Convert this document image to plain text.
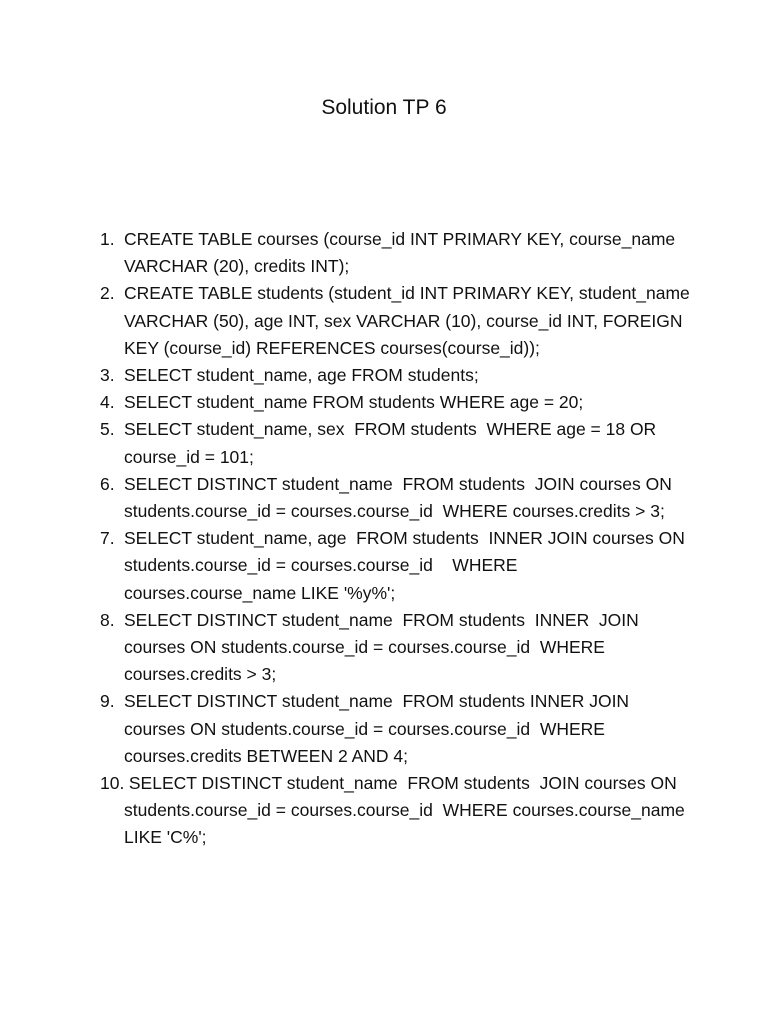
Solution TP 6
1. CREATE TABLE courses (course_id INT PRIMARY KEY, course_name VARCHAR (20), credits INT);
2. CREATE TABLE students (student_id INT PRIMARY KEY, student_name VARCHAR (50), age INT, sex VARCHAR (10), course_id INT, FOREIGN KEY (course_id) REFERENCES courses(course_id));
3. SELECT student_name, age FROM students;
4. SELECT student_name FROM students WHERE age = 20;
5. SELECT student_name, sex  FROM students  WHERE age = 18 OR course_id = 101;
6. SELECT DISTINCT student_name  FROM students  JOIN courses ON students.course_id = courses.course_id  WHERE courses.credits > 3;
7. SELECT student_name, age  FROM students  INNER JOIN courses ON students.course_id = courses.course_id    WHERE courses.course_name LIKE '%y%';
8. SELECT DISTINCT student_name  FROM students  INNER  JOIN courses ON students.course_id = courses.course_id  WHERE courses.credits > 3;
9. SELECT DISTINCT student_name  FROM students INNER JOIN courses ON students.course_id = courses.course_id  WHERE courses.credits BETWEEN 2 AND 4;
10. SELECT DISTINCT student_name  FROM students  JOIN courses ON students.course_id = courses.course_id  WHERE courses.course_name LIKE 'C%';
